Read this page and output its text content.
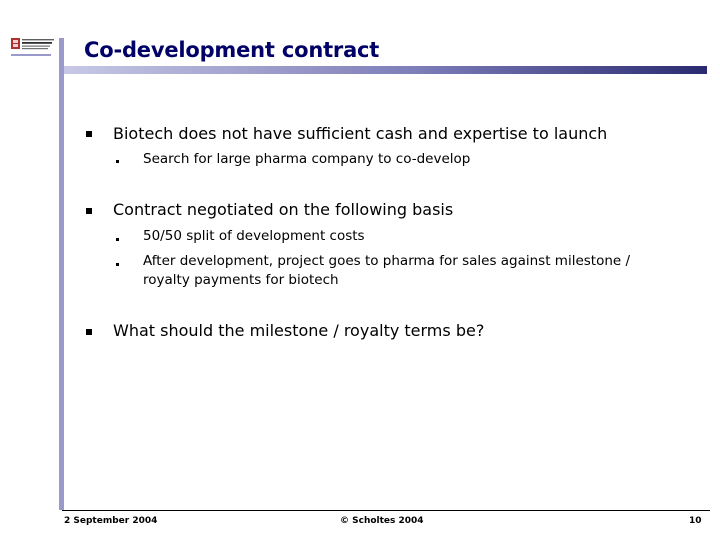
Co-development contract
Biotech does not have sufficient cash and expertise to launch
Search for large pharma company to co-develop
Contract negotiated on the following basis
50/50 split of development costs
After development, project goes to pharma for sales against milestone / royalty payments for biotech
What should the milestone / royalty terms be?
2 September 2004	© Scholtes 2004	10
